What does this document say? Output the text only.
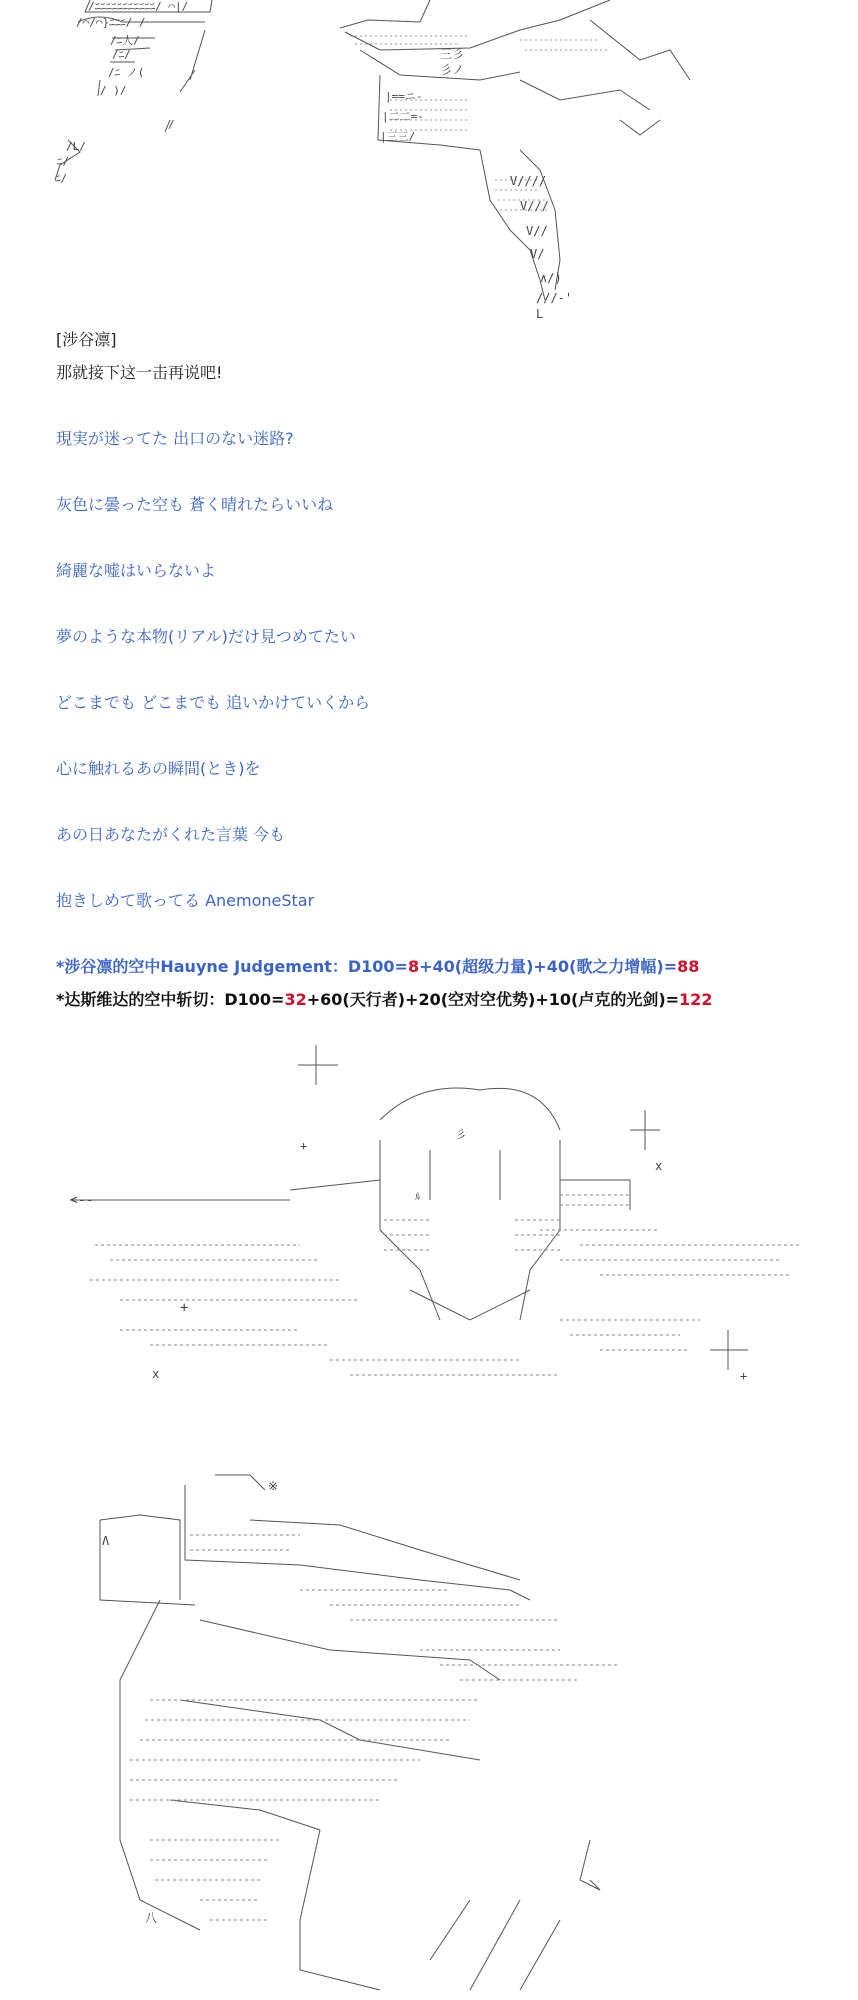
/ﾆﾆﾆﾆﾆﾆﾆﾆﾆﾆﾆ/ ⌒|/
/⌒/⌒}ﾆﾆﾆ/ /
/ﾆ人/
/ﾆ/
/ﾆ ノ(
/ )/
/
/L/
ﾆ/
ﾆ/
三彡
彡ノ
|==ニ-
|二二=-
|三三/
V////
V///
V//
V/
∧/)
///-'
L_
<--
x
x
+
+
+
彡
ﾙ
※
Λ
八
[涉谷凛]
那就接下这一击再说吧!
現実が迷ってた 出口のない迷路?
灰色に曇った空も 蒼く晴れたらいいね
綺麗な嘘はいらないよ
夢のような本物(リアル)だけ見つめてたい
どこまでも どこまでも 追いかけていくから
心に触れるあの瞬間(とき)を
あの日あなたがくれた言葉 今も
抱きしめて歌ってる AnemoneStar
*涉谷凛的空中Hauyne Judgement：D100=8+40(超级力量)+40(歌之力增幅)=88
*达斯维达的空中斩切：D100=32+60(天行者)+20(空对空优势)+10(卢克的光剑)=122
